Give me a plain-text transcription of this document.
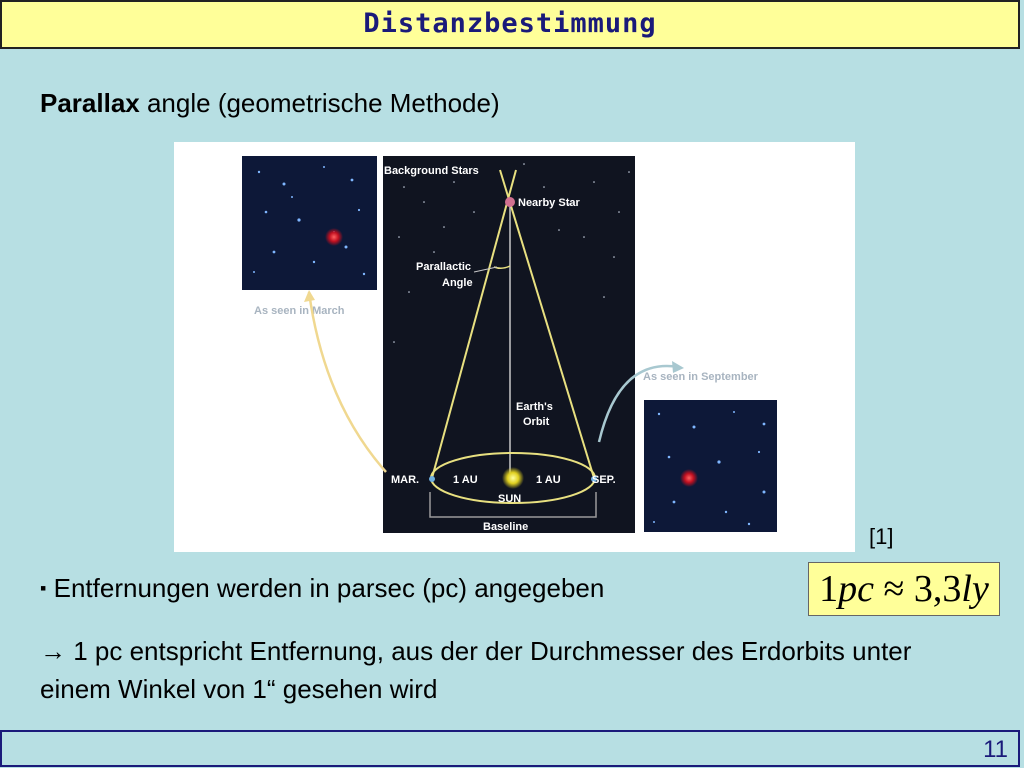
Distanzbestimmung
Parallax angle (geometrische Methode)
As seen in March
As seen in September
Background Stars
Nearby Star
Parallactic
Angle
Earth's
Orbit
MAR.	1 AU	1 AU	SEP.
SUN
Baseline	[1]
▪ Entfernungen werden in parsec (pc) angegeben	1pc ≈ 3,3ly
→ 1 pc entspricht Entfernung, aus der der Durchmesser des Erdorbits unter einem Winkel von 1“ gesehen wird
11
